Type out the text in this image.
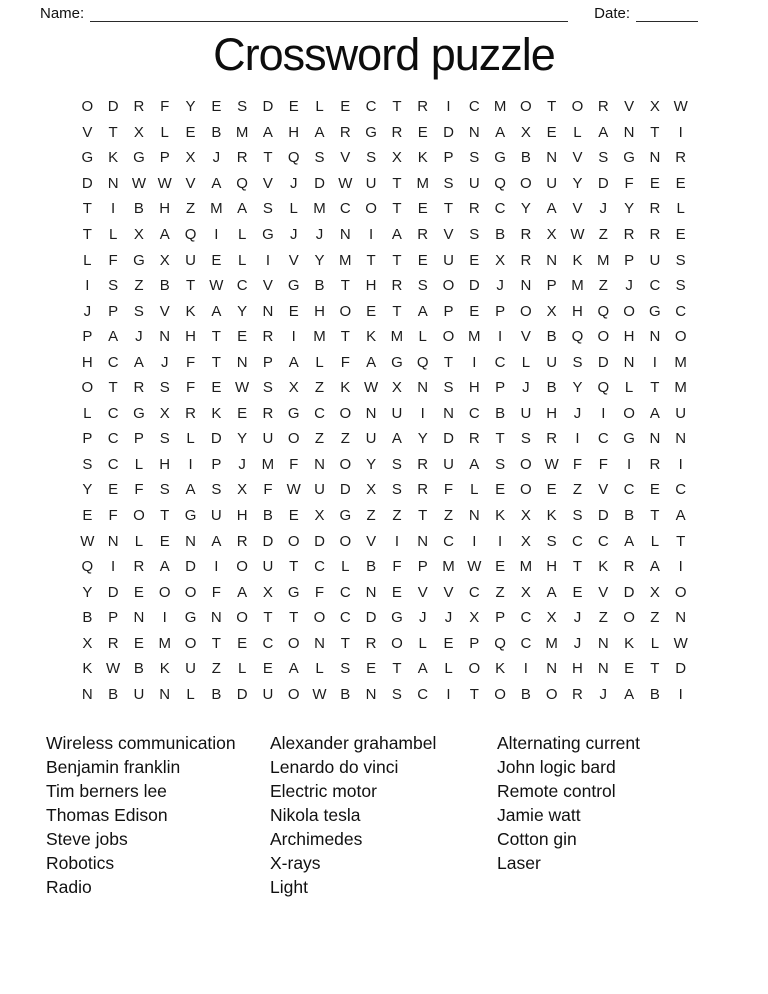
Name:	Date:
Crossword puzzle
O D R	F	Y	E	S	D	E	L	E	C	T	R	I	C M O	T	O R	V	X W
V	T	X	L	E	B M A	H	A	R G R	E	D N	A	X	E	L	A	N	T	I
G K G P	X	J	R	T	Q S	V	S	X	K	P	S G B	N	V	S G N R
D N W W V	A Q V	J	D W U	T M S	U Q O U	Y	D	F	E	E
T	I	B	H	Z M A	S	L	M C O	T	E	T	R C	Y	A	V	J	Y	R	L
T	L	X	A Q	I	L	G	J	J	N	I	A	R	V	S	B	R	X W Z	R R	E
L	F	G X	U	E	L	I	V	Y M T	T	E	U	E	X	R N	K M P	U	S
I	S	Z	B	T W C	V G B	T	H R	S O D	J	N	P M Z	J	C	S
J	P	S	V	K	A	Y	N	E	H O E	T	A	P	E	P O X	H Q O G C
P	A	J	N H	T	E	R	I	M T	K M	L	O M	I	V	B Q O H N O
H C	A	J	F	T	N	P	A	L	F	A G Q	T	I	C	L	U	S	D N	I	M
O	T	R	S	F	E W S	X	Z	K W X	N	S	H	P	J	B	Y Q	L	T M
L	C G X	R	K	E	R G C O N U	I	N C	B	U H	J	I	O A	U
P	C	P	S	L	D	Y	U O	Z	Z	U	A	Y	D R	T	S	R	I	C G N N
S	C	L	H	I	P	J	M F	N O Y	S	R U	A	S O W F	F	I	R	I
Y	E	F	S	A	S	X	F W U D	X	S	R	F	L	E O E	Z	V	C	E	C
E	F	O	T	G U H	B	E	X G	Z	Z	T	Z	N	K	X	K	S	D	B	T	A
W N	L	E	N	A	R D O D O V	I	N C	I	I	X	S	C C	A	L	T
Q	I	R	A	D	I	O U	T	C	L	B	F	P M W E M H	T	K	R	A	I
Y	D	E O O	F	A	X G	F	C N	E	V	V	C	Z	X	A	E	V	D	X O
B	P	N	I	G N O	T	T	O C D G	J	J	X	P	C	X	J	Z	O	Z	N
X	R	E M O	T	E	C O N	T	R O	L	E	P Q C M	J	N	K	L W
K W B	K	U	Z	L	E	A	L	S	E	T	A	L	O K	I	N H N	E	T	D
N	B	U N	L	B	D U O W B	N	S	C	I	T	O B O R	J	A	B	I
Wireless communication
Benjamin franklin
Tim berners lee
Thomas Edison
Steve jobs
Robotics
Radio
Alexander grahambel
Lenardo do vinci
Electric motor
Nikola tesla
Archimedes
X-rays
Light
Alternating current
John logic bard
Remote control
Jamie watt
Cotton gin
Laser
